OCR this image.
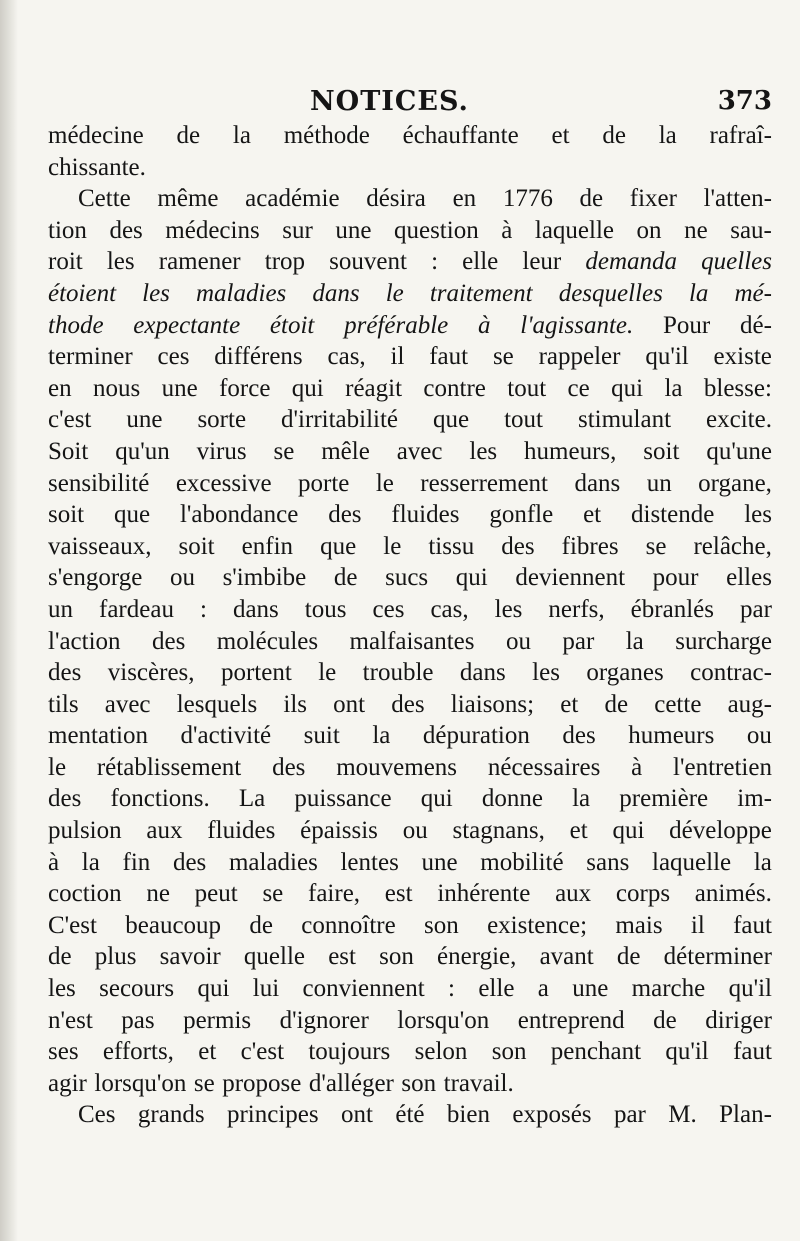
NOTICES.	373
médecine de la méthode échauffante et de la rafraî-
chissante.
Cette même académie désira en 1776 de fixer l'atten-
tion des médecins sur une question à laquelle on ne sau-
roit les ramener trop souvent : elle leur demanda quelles
étoient les maladies dans le traitement desquelles la mé-
thode expectante étoit préférable à l'agissante. Pour dé-
terminer ces différens cas, il faut se rappeler qu'il existe
en nous une force qui réagit contre tout ce qui la blesse:
c'est une sorte d'irritabilité que tout stimulant excite.
Soit qu'un virus se mêle avec les humeurs, soit qu'une
sensibilité excessive porte le resserrement dans un organe,
soit que l'abondance des fluides gonfle et distende les
vaisseaux, soit enfin que le tissu des fibres se relâche,
s'engorge ou s'imbibe de sucs qui deviennent pour elles
un fardeau : dans tous ces cas, les nerfs, ébranlés par
l'action des molécules malfaisantes ou par la surcharge
des viscères, portent le trouble dans les organes contrac-
tils avec lesquels ils ont des liaisons; et de cette aug-
mentation d'activité suit la dépuration des humeurs ou
le rétablissement des mouvemens nécessaires à l'entretien
des fonctions. La puissance qui donne la première im-
pulsion aux fluides épaissis ou stagnans, et qui développe
à la fin des maladies lentes une mobilité sans laquelle la
coction ne peut se faire, est inhérente aux corps animés.
C'est beaucoup de connoître son existence; mais il faut
de plus savoir quelle est son énergie, avant de déterminer
les secours qui lui conviennent : elle a une marche qu'il
n'est pas permis d'ignorer lorsqu'on entreprend de diriger
ses efforts, et c'est toujours selon son penchant qu'il faut
agir lorsqu'on se propose d'alléger son travail.
Ces grands principes ont été bien exposés par M. Plan-
